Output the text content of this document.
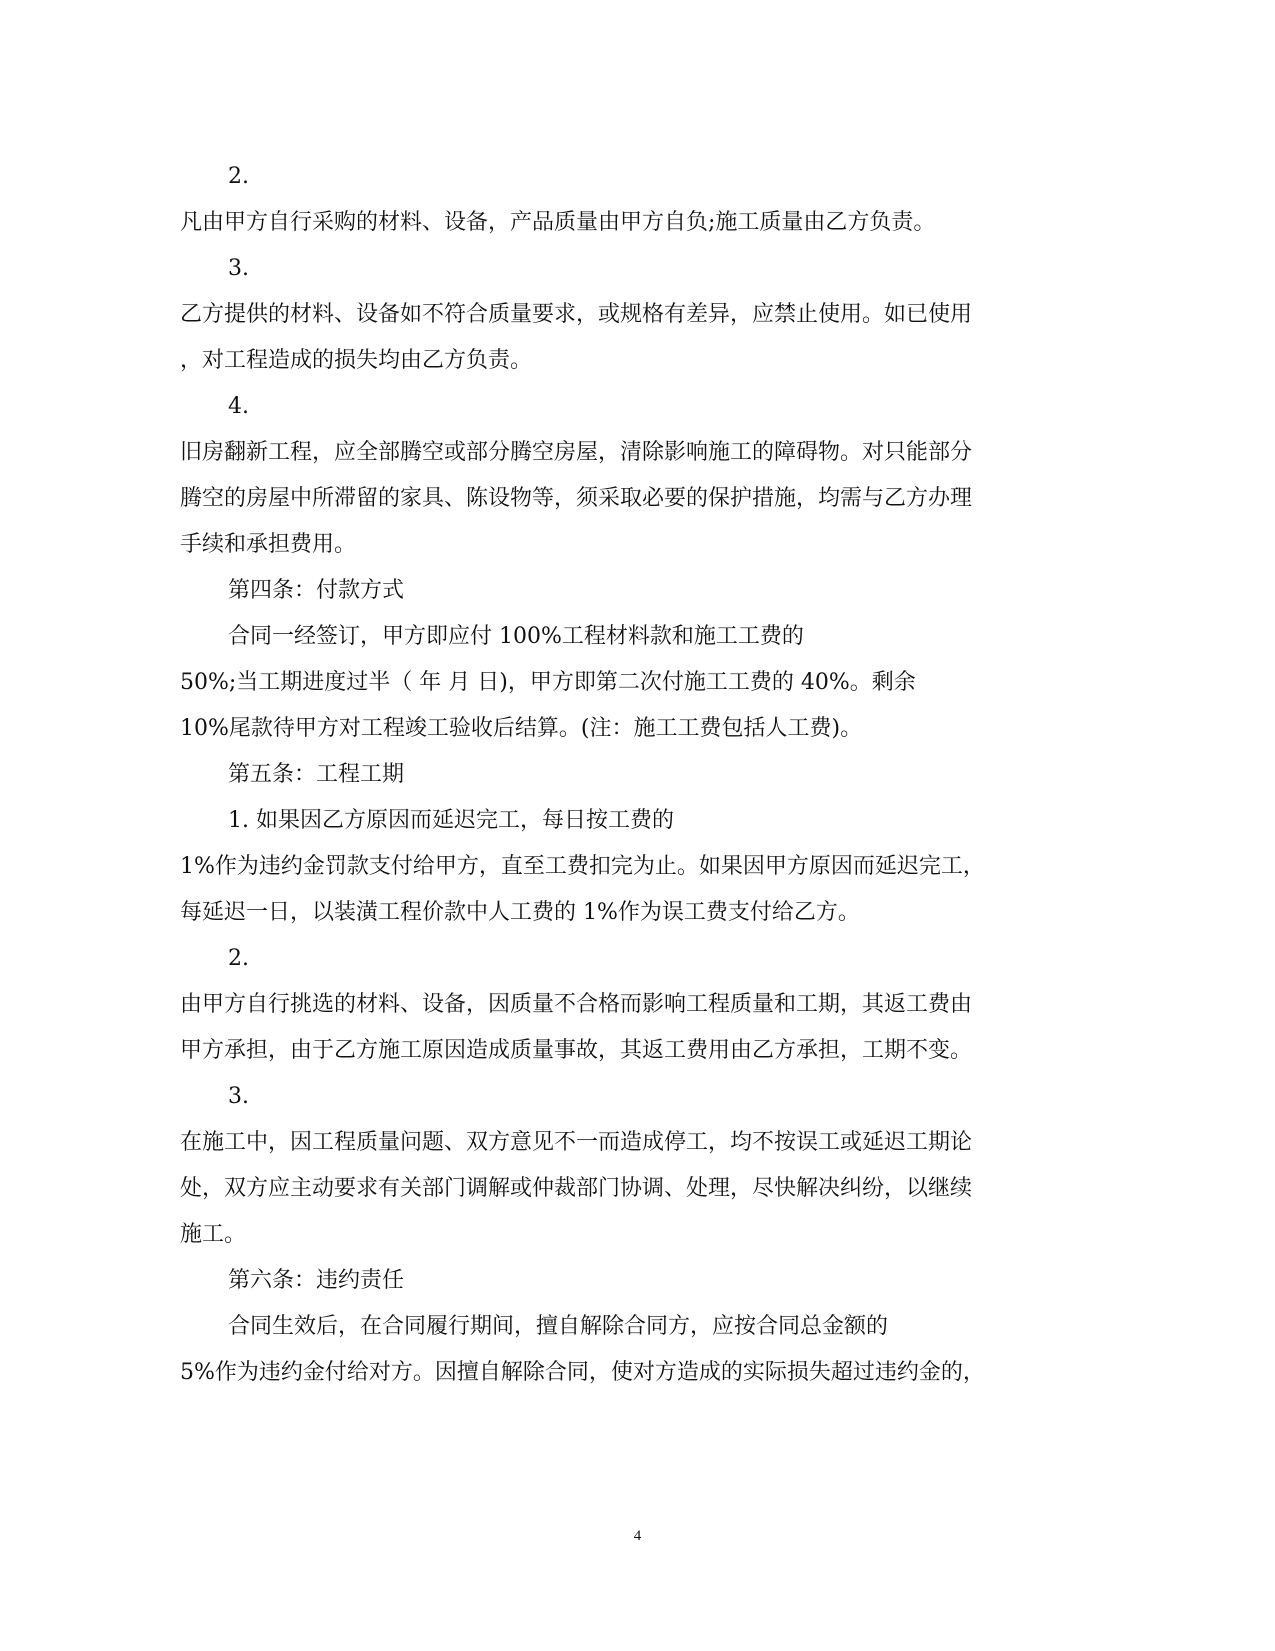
2.
凡由甲方自行采购的材料、设备，产品质量由甲方自负;施工质量由乙方负责。
3.
乙方提供的材料、设备如不符合质量要求，或规格有差异，应禁止使用。如已使用
，对工程造成的损失均由乙方负责。
4.
旧房翻新工程，应全部腾空或部分腾空房屋，清除影响施工的障碍物。对只能部分
腾空的房屋中所滞留的家具、陈设物等，须采取必要的保护措施，均需与乙方办理
手续和承担费用。
第四条：付款方式
合同一经签订，甲方即应付 100%工程材料款和施工工费的
50%;当工期进度过半（ 年 月 日)，甲方即第二次付施工工费的 40%。剩余
10%尾款待甲方对工程竣工验收后结算。(注：施工工费包括人工费)。
第五条：工程工期
1. 如果因乙方原因而延迟完工，每日按工费的
1%作为违约金罚款支付给甲方，直至工费扣完为止。如果因甲方原因而延迟完工，
每延迟一日，以装潢工程价款中人工费的 1%作为误工费支付给乙方。
2.
由甲方自行挑选的材料、设备，因质量不合格而影响工程质量和工期，其返工费由
甲方承担，由于乙方施工原因造成质量事故，其返工费用由乙方承担，工期不变。
3.
在施工中，因工程质量问题、双方意见不一而造成停工，均不按误工或延迟工期论
处，双方应主动要求有关部门调解或仲裁部门协调、处理，尽快解决纠纷，以继续
施工。
第六条：违约责任
合同生效后，在合同履行期间，擅自解除合同方，应按合同总金额的
5%作为违约金付给对方。因擅自解除合同，使对方造成的实际损失超过违约金的，
4
